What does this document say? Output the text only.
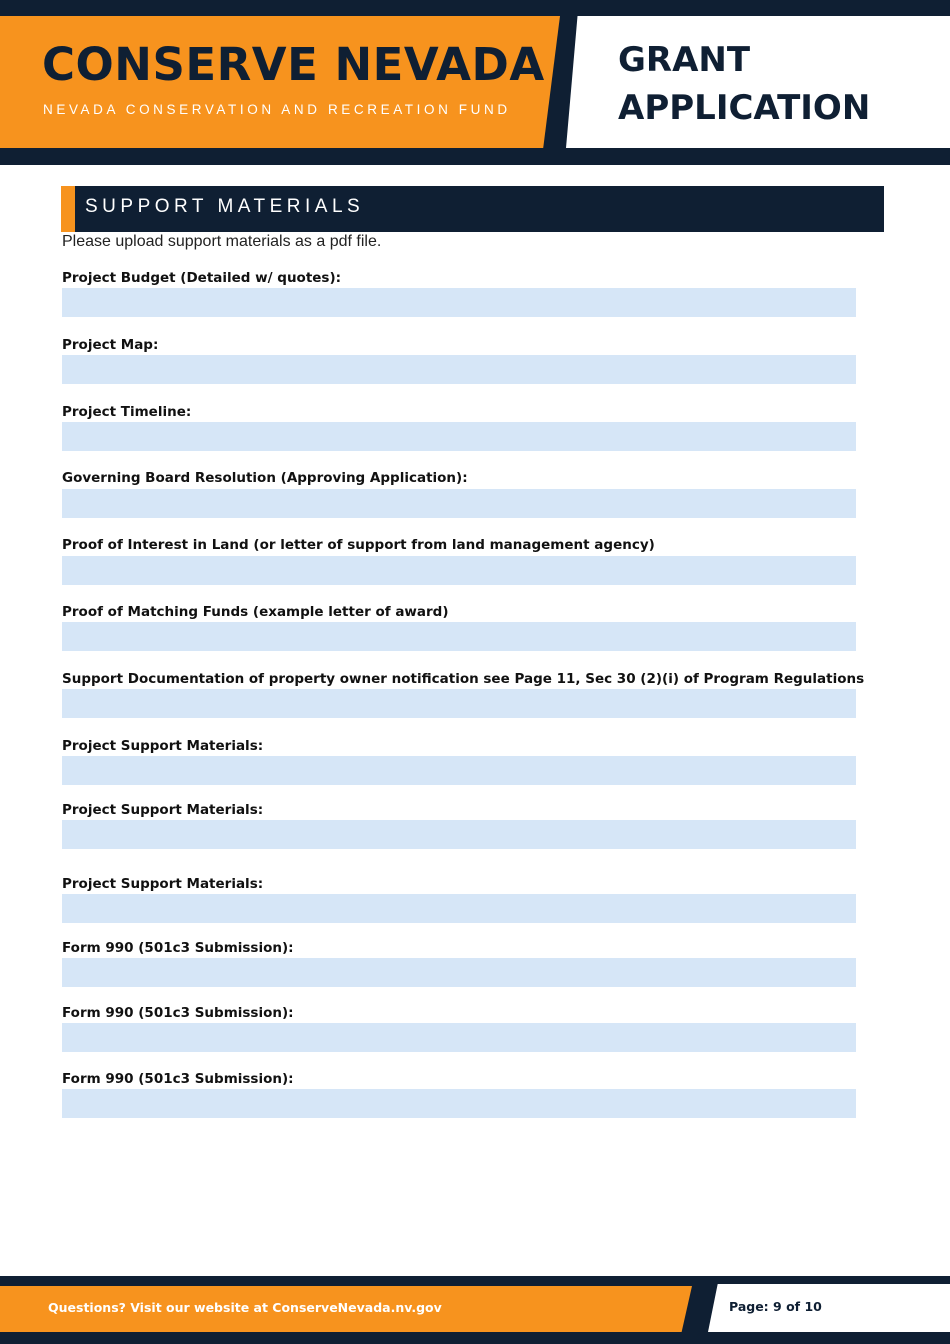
CONSERVE NEVADA
NEVADA CONSERVATION AND RECREATION FUND
GRANT
APPLICATION
SUPPORT MATERIALS
Please upload support materials as a pdf file.
Project Budget (Detailed w/ quotes):
Project Map:
Project Timeline:
Governing Board Resolution (Approving Application):
Proof of Interest in Land (or letter of support from land management agency)
Proof of Matching Funds (example letter of award)
Support Documentation of property owner notification see Page 11, Sec 30 (2)(i) of Program Regulations
Project Support Materials:
Project Support Materials:
Project Support Materials:
Form 990 (501c3 Submission):
Form 990 (501c3 Submission):
Form 990 (501c3 Submission):
Questions? Visit our website at ConserveNevada.nv.gov	Page: 9 of 10
